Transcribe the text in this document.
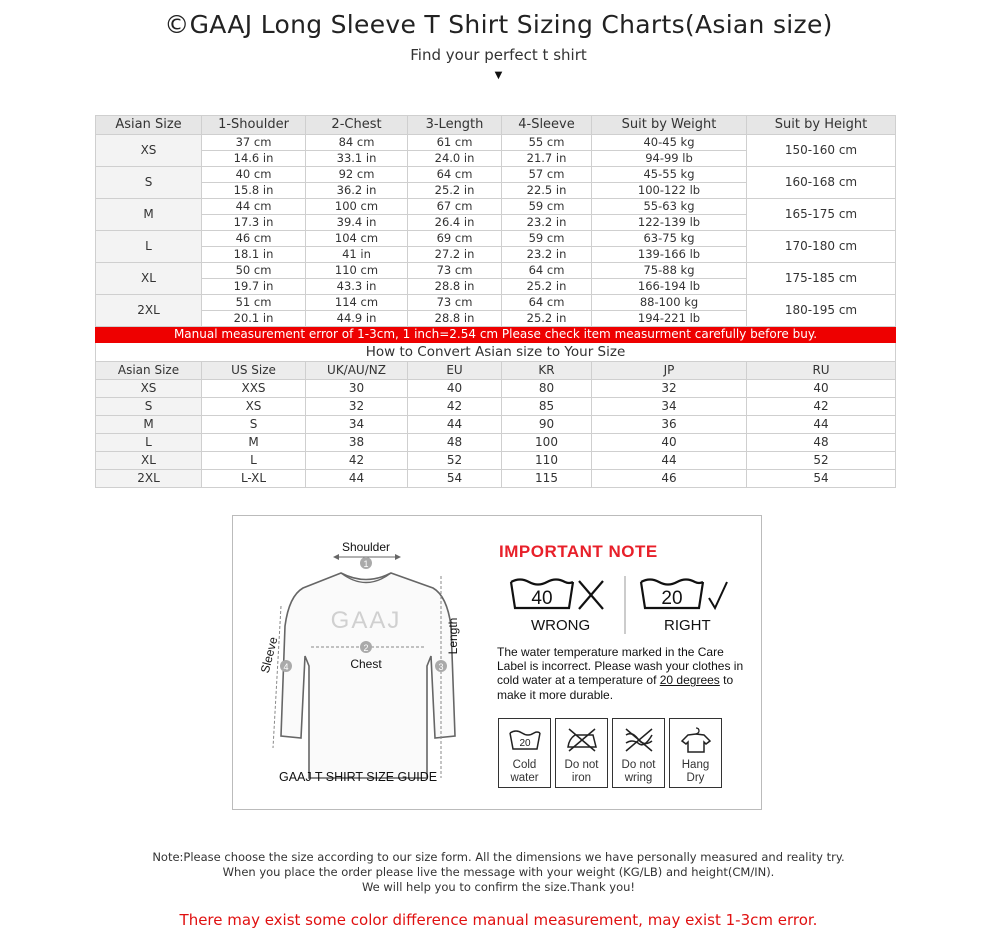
©GAAJ Long Sleeve T Shirt Sizing Charts(Asian size)
Find your perfect t shirt
▼
Asian Size	1-Shoulder	2-Chest	3-Length	4-Sleeve	Suit by Weight	Suit by Height
XS	37 cm	84 cm	61 cm	55 cm	40-45 kg	150-160 cm
	14.6 in	33.1 in	24.0 in	21.7 in	94-99 lb	
S	40 cm	92 cm	64 cm	57 cm	45-55 kg	160-168 cm
	15.8 in	36.2 in	25.2 in	22.5 in	100-122 lb	
M	44 cm	100 cm	67 cm	59 cm	55-63 kg	165-175 cm
	17.3 in	39.4 in	26.4 in	23.2 in	122-139 lb	
L	46 cm	104 cm	69 cm	59 cm	63-75 kg	170-180 cm
	18.1 in	41 in	27.2 in	23.2 in	139-166 lb	
XL	50 cm	110 cm	73 cm	64 cm	75-88 kg	175-185 cm
	19.7 in	43.3 in	28.8 in	25.2 in	166-194 lb	
2XL	51 cm	114 cm	73 cm	64 cm	88-100 kg	180-195 cm
	20.1 in	44.9 in	28.8 in	25.2 in	194-221 lb	
Manual measurement error of 1-3cm, 1 inch=2.54 cm Please check item measurment carefully before buy.						
How to Convert Asian size to Your Size						
Asian Size	US Size	UK/AU/NZ	EU	KR	JP	RU
XS	XXS	30	40	80	32	40
S	XS	32	42	85	34	42
M	S	34	44	90	36	44
L	M	38	48	100	40	48
XL	L	42	52	110	44	52
2XL	L-XL	44	54	115	46	54
Shoulder
GAAJ
Chest
Length
Sleeve
1
2
3
4
40	20
GAAJ T SHIRT SIZE GUIDE
IMPORTANT NOTE
WRONG	RIGHT
The water temperature marked in the Care Label is incorrect. Please wash your clothes in cold water at a temperature of 20 degrees to make it more durable.
20
Cold
water
Do not
iron
Do not
wring
Hang
Dry
Note:Please choose the size according to our size form. All the dimensions we have personally measured and reality try.
When you place the order please live the message with your weight (KG/LB) and height(CM/IN).
We will help you to confirm the size.Thank you!
There may exist some color difference manual measurement, may exist 1-3cm error.
